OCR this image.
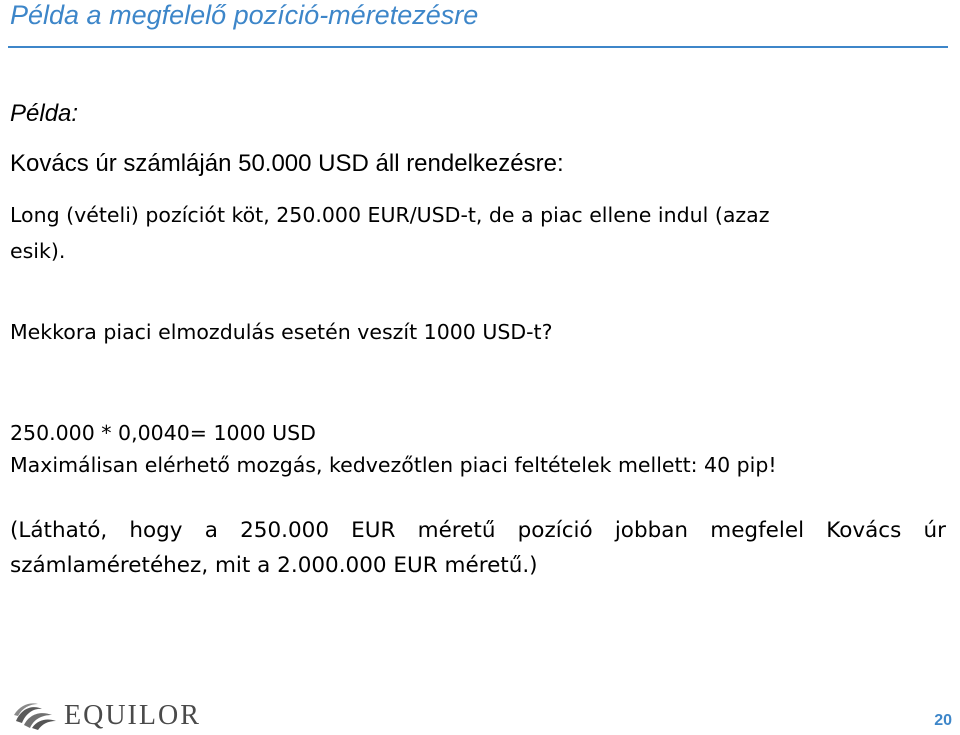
Példa a megfelelő pozíció-méretezésre

Példa:

Kovács úr számláján 50.000 USD áll rendelkezésre:

Long (vételi) pozíciót köt, 250.000 EUR/USD-t, de a piac ellene indul (azaz

esik).

Mekkora piaci elmozdulás esetén veszít 1000 USD-t?

250.000 * 0,0040= 1000 USD

Maximálisan elérhető mozgás, kedvezőtlen piaci feltételek mellett: 40 pip!

(Látható, hogy a 250.000 EUR méretű pozíció jobban megfelel Kovács úr

számlaméretéhez, mit a 2.000.000 EUR méretű.)

EQUILOR	20
